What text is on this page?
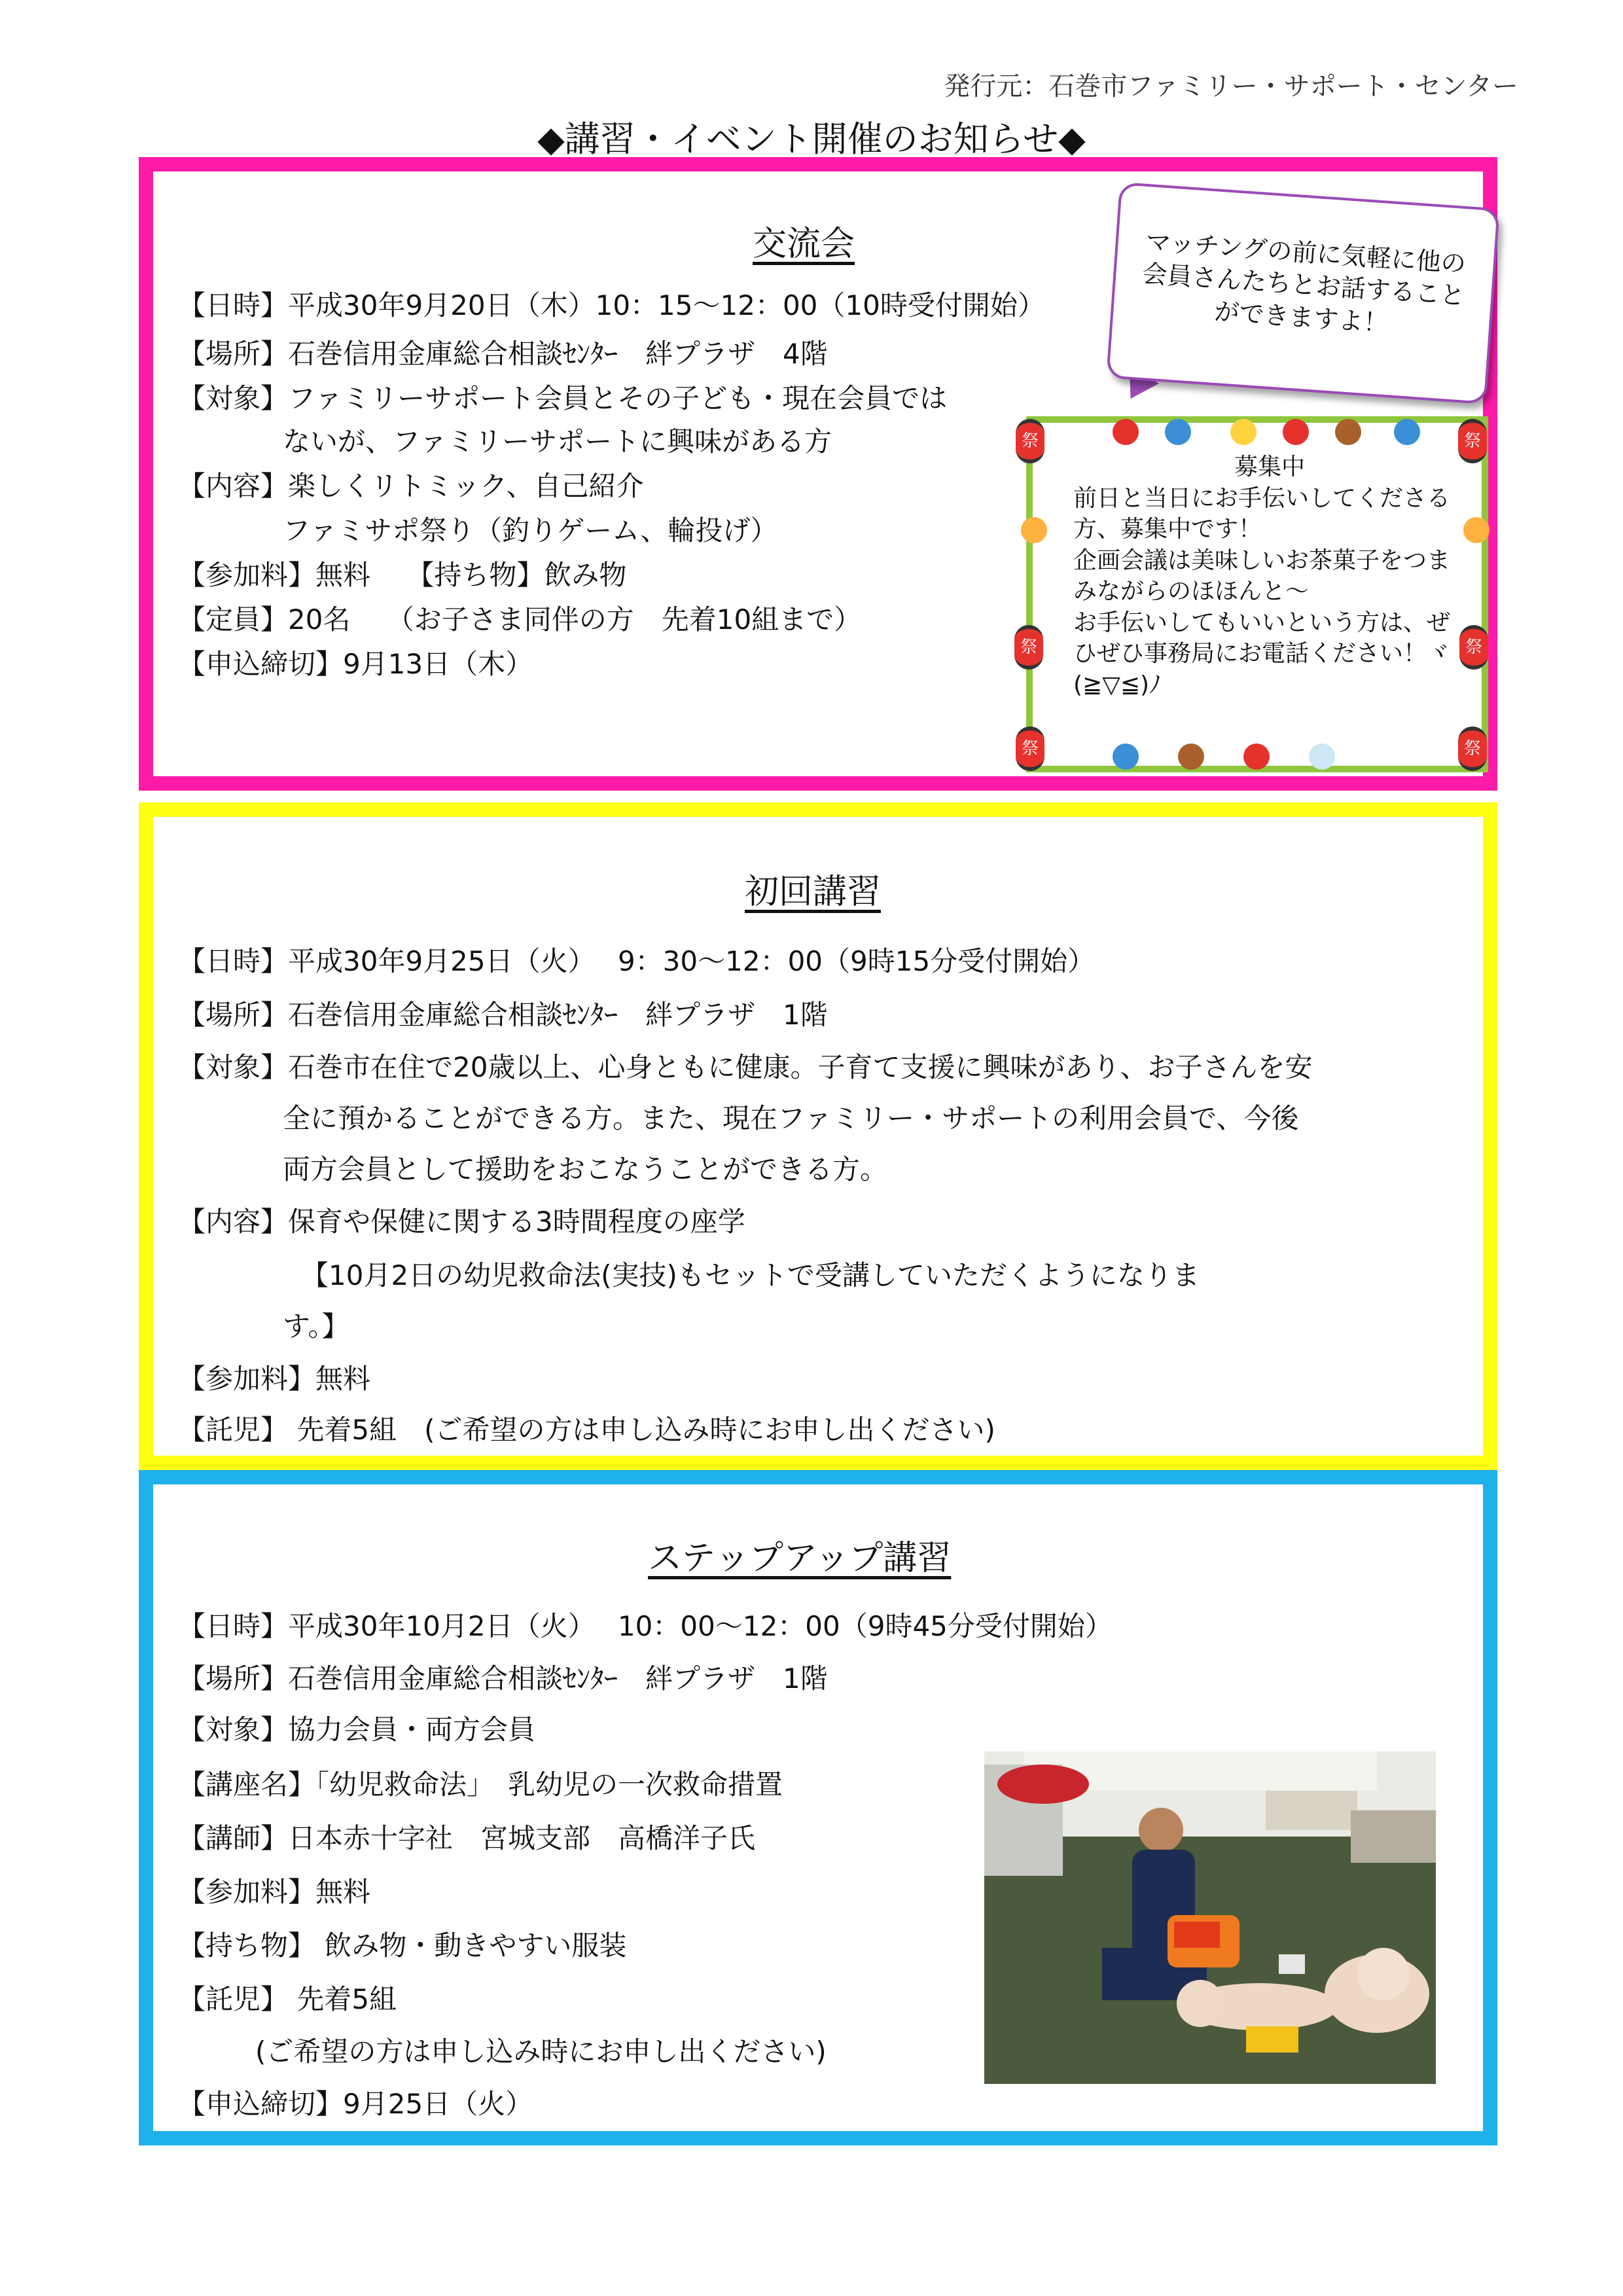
発行元：石巻市ファミリー・サポート・センター
◆講習・イベント開催のお知らせ◆
交流会
【日時】平成30年9月20日（木）10：15〜12：00（10時受付開始）
【場所】石巻信用金庫総合相談ｾﾝﾀｰ　絆プラザ　4階
【対象】ファミリーサポート会員とその子ども・現在会員では
ないが、ファミリーサポートに興味がある方
【内容】楽しくリトミック、自己紹介
ファミサポ祭り（釣りゲーム、輪投げ）
【参加料】無料　 【持ち物】飲み物
【定員】20名　 （お子さま同伴の方　先着10組まで）
【申込締切】9月13日（木）
マッチングの前に気軽に他の会員さんたちとお話することができますよ！
祭	祭
祭	祭
祭	祭
募集中
前日と当日にお手伝いしてくださる方、募集中です！
企画会議は美味しいお茶菓子をつまみながらのほほんと〜
お手伝いしてもいいという方は、ぜひぜひ事務局にお電話ください！ヾ(≧▽≦)ﾉ
初回講習
【日時】平成30年9月25日（火）　 9：30〜12：00（9時15分受付開始）
【場所】石巻信用金庫総合相談ｾﾝﾀｰ　絆プラザ　1階
【対象】石巻市在住で20歳以上、心身ともに健康。子育て支援に興味があり、お子さんを安
全に預かることができる方。また、現在ファミリー・サポートの利用会員で、今後
両方会員として援助をおこなうことができる方。
【内容】保育や保健に関する3時間程度の座学
【10月2日の幼児救命法(実技)もセットで受講していただくようになりま
す。】
【参加料】無料
【託児】 先着5組　(ご希望の方は申し込み時にお申し出ください)
ステップアップ講習
【日時】平成30年10月2日（火）　 10：00〜12：00（9時45分受付開始）
【場所】石巻信用金庫総合相談ｾﾝﾀｰ　絆プラザ　1階
【対象】協力会員・両方会員
【講座名】「幼児救命法」　乳幼児の一次救命措置
【講師】日本赤十字社　宮城支部　高橋洋子氏
【参加料】無料
【持ち物】 飲み物・動きやすい服装
【託児】 先着5組
(ご希望の方は申し込み時にお申し出ください)
【申込締切】9月25日（火）
